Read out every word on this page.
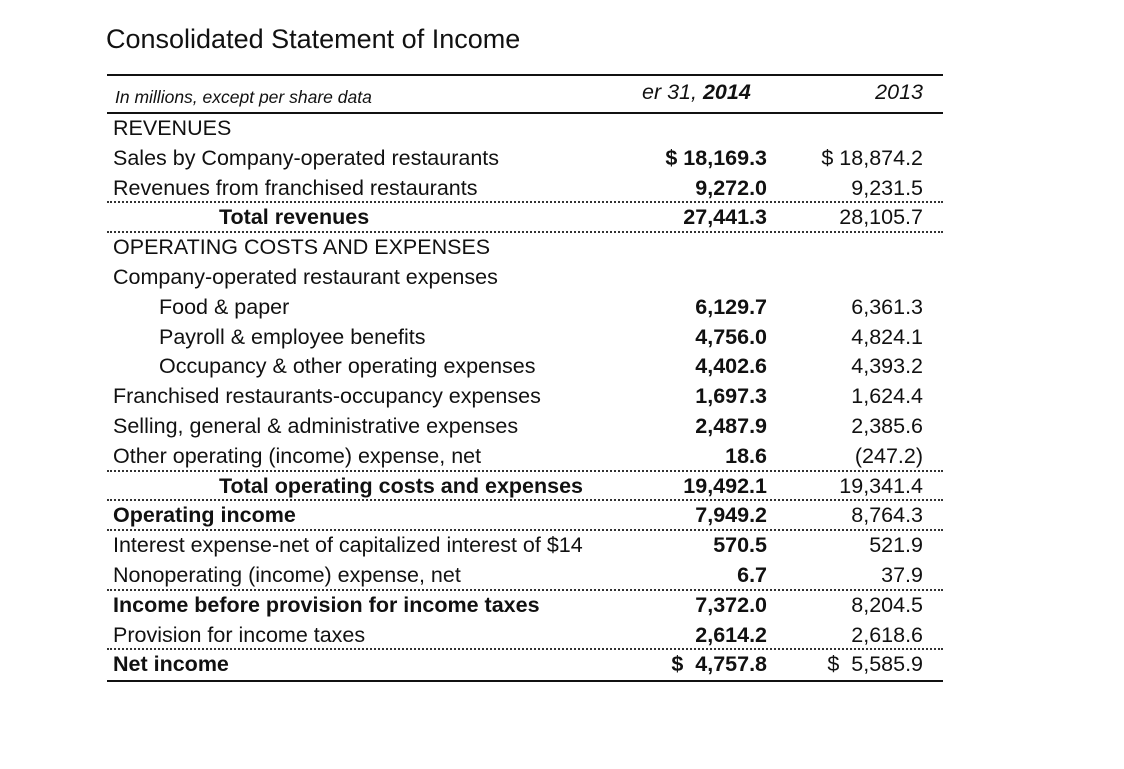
Consolidated Statement of Income
In millions, except per share data	er 31, 2014	2013
REVENUES
Sales by Company-operated restaurants	$ 18,169.3	$ 18,874.2
Revenues from franchised restaurants	9,272.0	9,231.5
Total revenues	27,441.3	28,105.7
OPERATING COSTS AND EXPENSES
Company-operated restaurant expenses
Food & paper	6,129.7	6,361.3
Payroll & employee benefits	4,756.0	4,824.1
Occupancy & other operating expenses	4,402.6	4,393.2
Franchised restaurants-occupancy expenses	1,697.3	1,624.4
Selling, general & administrative expenses	2,487.9	2,385.6
Other operating (income) expense, net	18.6	(247.2)
Total operating costs and expenses	19,492.1	19,341.4
Operating income	7,949.2	8,764.3
Interest expense-net of capitalized interest of $14	570.5	521.9
Nonoperating (income) expense, net	6.7	37.9
Income before provision for income taxes	7,372.0	8,204.5
Provision for income taxes	2,614.2	2,618.6
Net income	$  4,757.8	$  5,585.9
